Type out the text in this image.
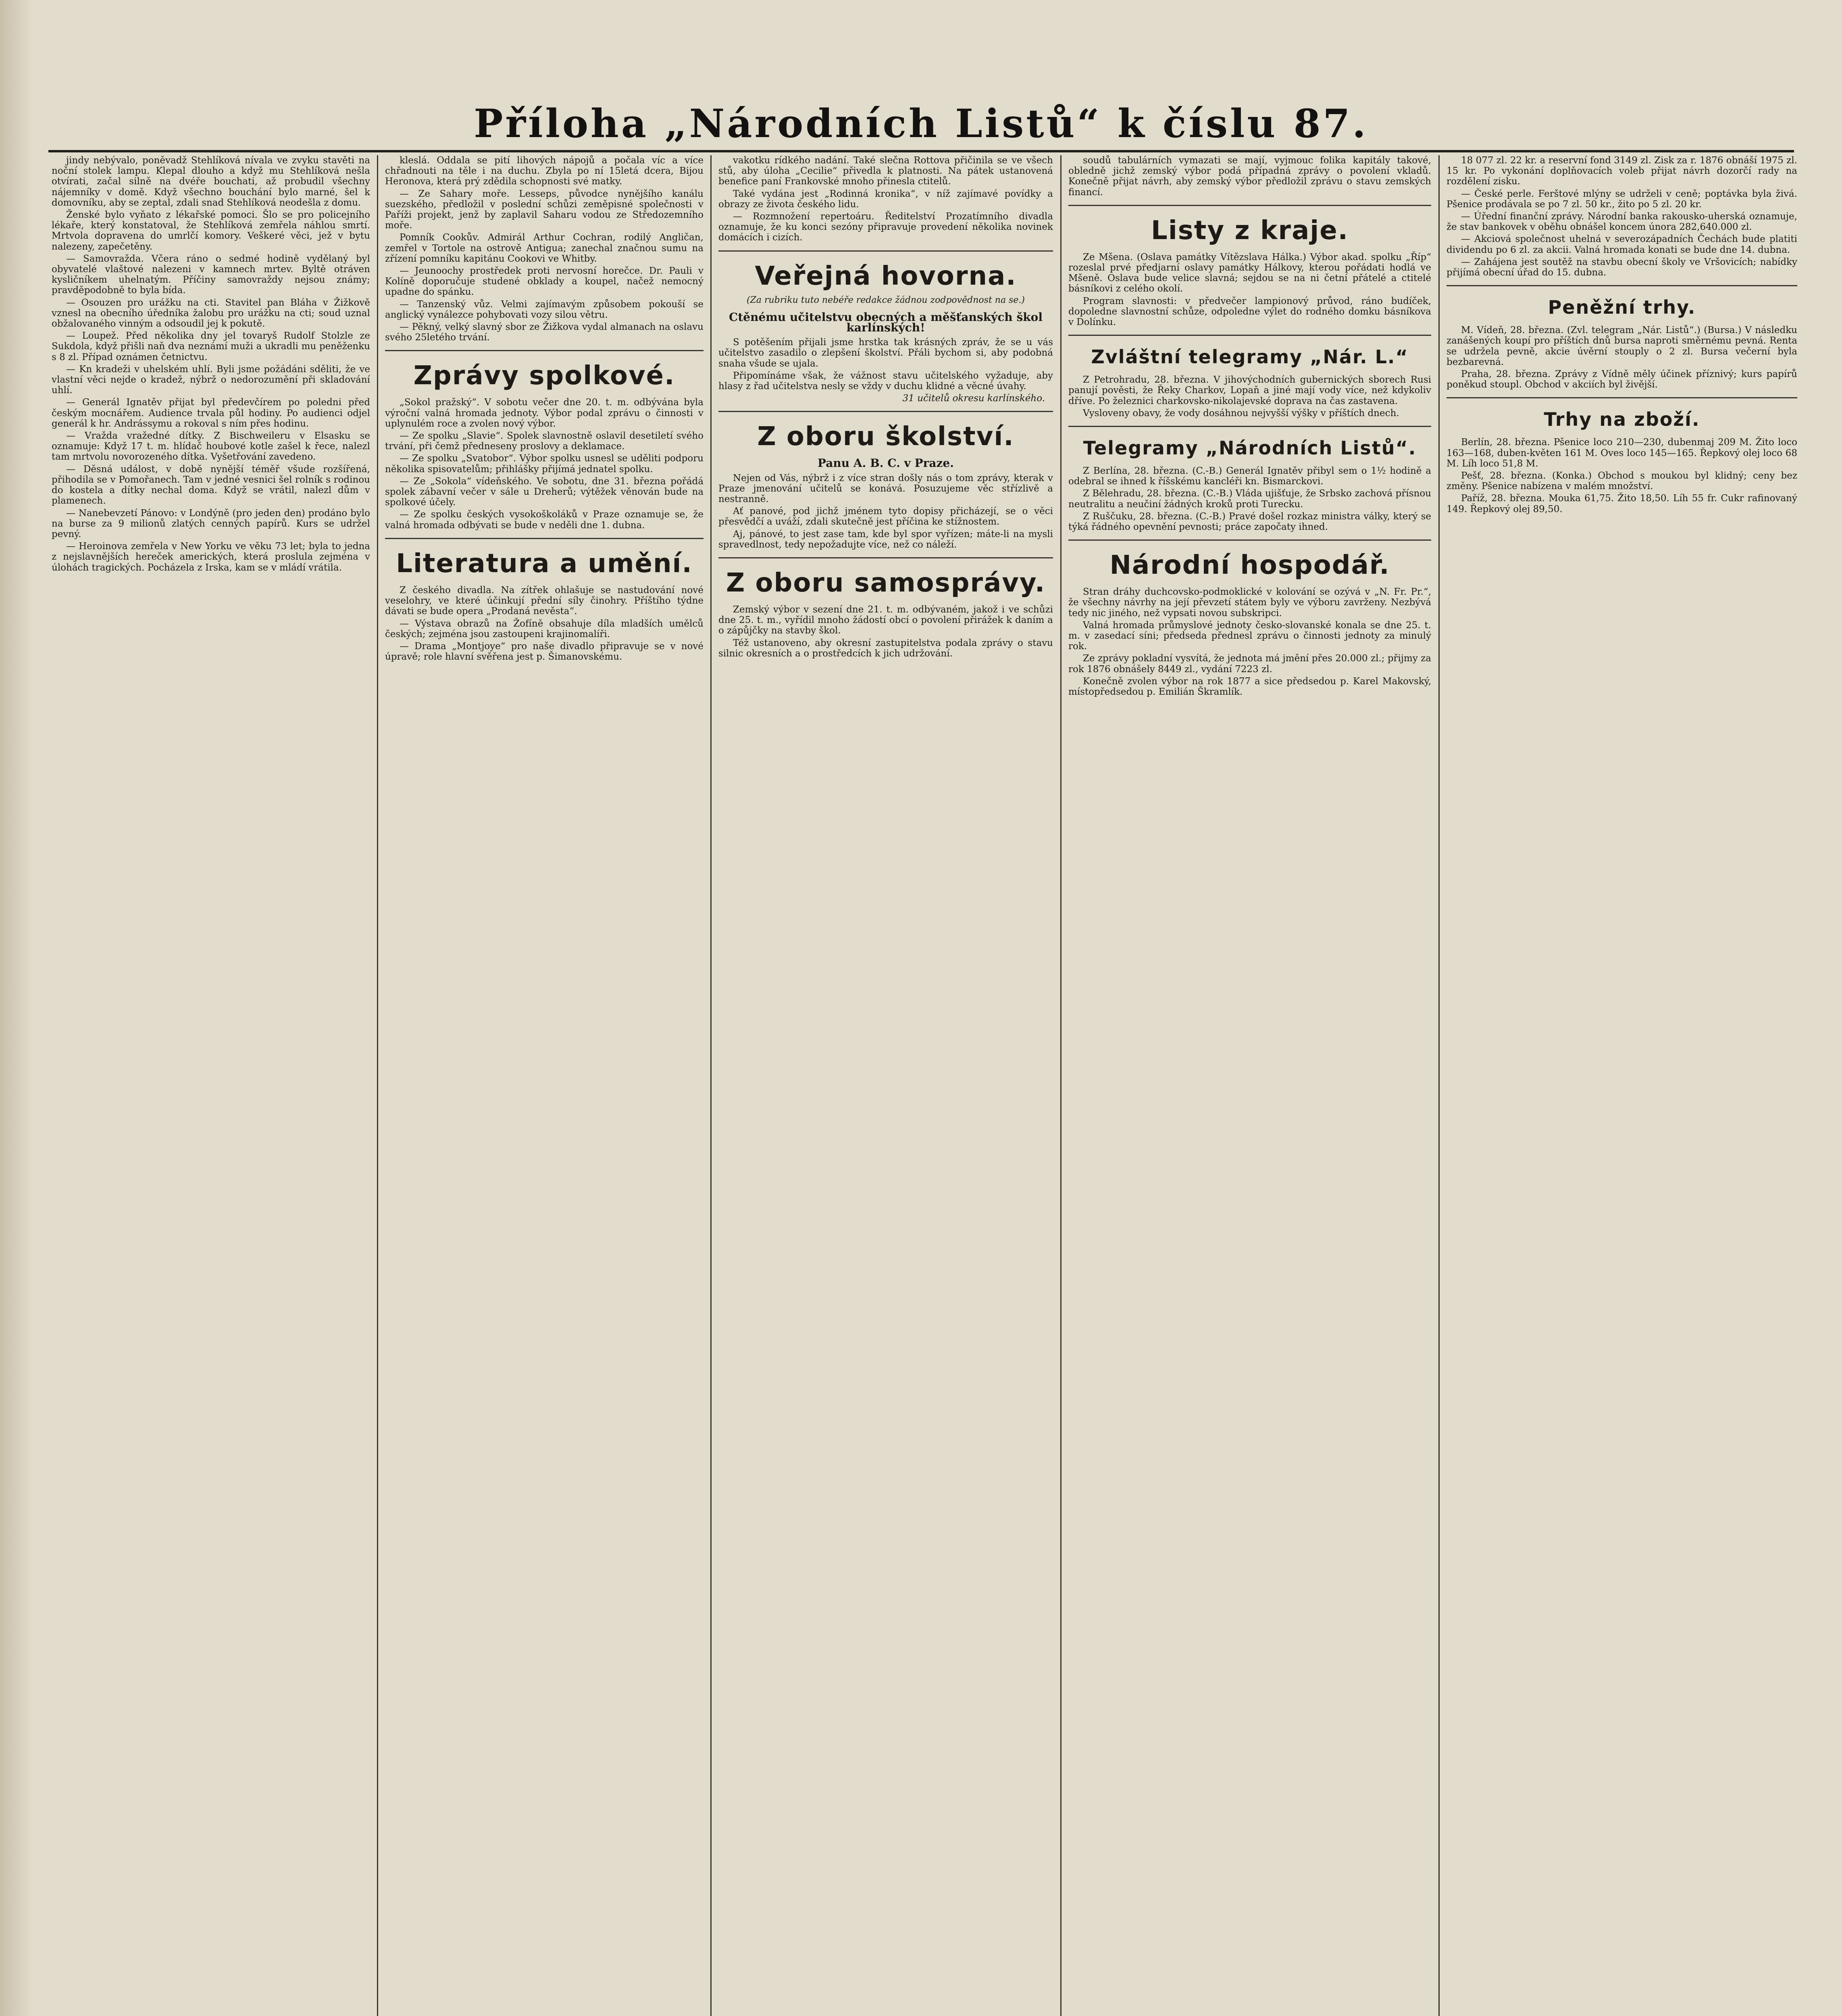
Příloha „Národních Listů“ k číslu 87.

jindy nebývalo, poněvadž Stehlíková nívala ve zvyku stavěti na noční stolek lampu. Klepal dlouho a když mu Stehlíková nešla otvírati, začal silně na dvéře bouchati, až probudil všechny nájemníky v domě. Když všechno bouchání bylo marné, šel k domovníku, aby se zeptal, zdali snad Stehlíková neodešla z domu.

Ženské bylo vyňato z lékařské pomoci. Šlo se pro policejního lékaře, který konstatoval, že Stehlíková zemřela náhlou smrtí. Mrtvola dopravena do umrlčí komory. Veškeré věci, jež v bytu nalezeny, zapečetěny.

— Samovražda. Včera ráno o sedmé hodině vydělaný byl obyvatelé vlaštové nalezeni v kamnech mrtev. Byltě otráven kysličníkem uhelnatým. Příčiny samovraždy nejsou známy; pravděpodobně to byla bída.

— Osouzen pro urážku na cti. Stavitel pan Bláha v Žižkově vznesl na obecního úředníka žalobu pro urážku na cti; soud uznal obžalovaného vinným a odsoudil jej k pokutě.

— Loupež. Před několika dny jel tovaryš Rudolf Stolzle ze Sukdola, když přišli naň dva neznámí muži a ukradli mu peněženku s 8 zl. Případ oznámen četnictvu.

— Kn kradeži v uhelském uhlí. Byli jsme požádáni sděliti, že ve vlastní věci nejde o kradež, nýbrž o nedorozumění při skladování uhlí.

— Generál Ignatěv přijat byl předevčírem po poledni před českým mocnářem. Audience trvala půl hodiny. Po audienci odjel generál k hr. Andrássymu a rokoval s ním přes hodinu.

— Vražda vražedné dítky. Z Bischweileru v Elsasku se oznamuje: Když 17 t. m. hlídač houbové kotle zašel k řece, nalezl tam mrtvolu novorozeného dítka. Vyšetřování zavedeno.

— Děsná událost, v době nynější téměř všude rozšířená, přihodila se v Pomořanech. Tam v jedné vesnici šel rolník s rodinou do kostela a dítky nechal doma. Když se vrátil, nalezl dům v plamenech.

— Nanebevzetí Pánovo: v Londýně (pro jeden den) prodáno bylo na burse za 9 milionů zlatých cenných papírů. Kurs se udržel pevný.

— Heroinova zemřela v New Yorku ve věku 73 let; byla to jedna z nejslavnějších hereček amerických, která proslula zejména v úlohách tragických. Pocházela z Irska, kam se v mládí vrátila.

kleslá. Oddala se pití lihových nápojů a počala víc a více chřadnouti na těle i na duchu. Zbyla po ní 15letá dcera, Bijou Heronova, která prý zdědila schopnosti své matky.

— Ze Sahary moře. Lesseps, původce nynějšího kanálu suezského, předložil v poslední schůzi zeměpisné společnosti v Paříži projekt, jenž by zaplavil Saharu vodou ze Středozemního moře.

Pomník Cookův. Admirál Arthur Cochran, rodilý Angličan, zemřel v Tortole na ostrově Antigua; zanechal značnou sumu na zřízení pomníku kapitánu Cookovi ve Whitby.

— Jeunoochy prostředek proti nervosní horečce. Dr. Pauli v Kolíně doporučuje studené obklady a koupel, načež nemocný upadne do spánku.

— Tanzenský vůz. Velmi zajímavým způsobem pokouší se anglický vynálezce pohybovati vozy silou větru.

— Pěkný, velký slavný sbor ze Žižkova vydal almanach na oslavu svého 25letého trvání.

Zprávy spolkové.

„Sokol pražský“. V sobotu večer dne 20. t. m. odbývána byla výroční valná hromada jednoty. Výbor podal zprávu o činnosti v uplynulém roce a zvolen nový výbor.

— Ze spolku „Slavie“. Spolek slavnostně oslavil desetiletí svého trvání, při čemž předneseny proslovy a deklamace.

— Ze spolku „Svatobor“. Výbor spolku usnesl se uděliti podporu několika spisovatelům; přihlášky přijímá jednatel spolku.

— Ze „Sokola“ vídeňského. Ve sobotu, dne 31. března pořádá spolek zábavní večer v sále u Dreherů; výtěžek věnován bude na spolkové účely.

— Ze spolku českých vysokoškoláků v Praze oznamuje se, že valná hromada odbývati se bude v neděli dne 1. dubna.

Literatura a umění.

Z českého divadla. Na zítřek ohlašuje se nastudování nové veselohry, ve které účinkují přední síly činohry. Příštího týdne dávati se bude opera „Prodaná nevěsta“.

— Výstava obrazů na Žofíně obsahuje díla mladších umělců českých; zejména jsou zastoupeni krajinomalíři.

— Drama „Montjoye“ pro naše divadlo připravuje se v nové úpravě; role hlavní svěřena jest p. Šimanovskému.

vakotku rídkého nadání. Také slečna Rottova přičinila se ve všech stů, aby úloha „Cecilie“ přivedla k platnosti. Na pátek ustanovená benefice paní Frankovské mnoho přinesla ctitelů.

Také vydána jest „Rodinná kronika“, v níž zajímavé povídky a obrazy ze života českého lidu.

— Rozmnožení repertoáru. Ředitelství Prozatímního divadla oznamuje, že ku konci sezóny připravuje provedení několika novinek domácích i cizích.

Veřejná hovorna.
(Za rubriku tuto nebéře redakce žádnou zodpovědnost na se.)
Ctěnému učitelstvu obecných a měšťanských škol karlínských!

S potěšením přijali jsme hrstka tak krásných zpráv, že se u vás učitelstvo zasadilo o zlepšení školství. Přáli bychom si, aby podobná snaha všude se ujala.

Připomínáme však, že vážnost stavu učitelského vyžaduje, aby hlasy z řad učitelstva nesly se vždy v duchu klidné a věcné úvahy.

31 učitelů okresu karlínského.
Z oboru školství.
Panu A. B. C. v Praze.

Nejen od Vás, nýbrž i z více stran došly nás o tom zprávy, kterak v Praze jmenování učitelů se konává. Posuzujeme věc střízlivě a nestranně.

Ať panové, pod jichž jménem tyto dopisy přicházejí, se o věci přesvědčí a uváží, zdali skutečně jest příčina ke stížnostem.

Aj, pánové, to jest zase tam, kde byl spor vyřízen; máte-li na mysli spravedlnost, tedy nepožadujte více, než co náleží.

Z oboru samosprávy.

Zemský výbor v sezení dne 21. t. m. odbývaném, jakož i ve schůzi dne 25. t. m., vyřídil mnoho žádostí obcí o povolení přirážek k daním a o zápůjčky na stavby škol.

Též ustanoveno, aby okresní zastupitelstva podala zprávy o stavu silnic okresních a o prostředcích k jich udržování.

soudů tabulárních vymazati se mají, vyjmouc folika kapitály takové, obledně jichž zemský výbor podá případná zprávy o povolení vkladů. Konečně přijat návrh, aby zemský výbor předložil zprávu o stavu zemských financí.

Listy z kraje.

Ze Mšena. (Oslava památky Vítězslava Hálka.) Výbor akad. spolku „Říp“ rozeslal prvé předjarní oslavy památky Hálkovy, kterou pořádati hodlá ve Mšeně. Oslava bude velice slavná; sejdou se na ni četní přátelé a ctitelé básníkovi z celého okolí.

Program slavnosti: v předvečer lampionový průvod, ráno budíček, dopoledne slavnostní schůze, odpoledne výlet do rodného domku básníkova v Dolínku.

Zvláštní telegramy „Nár. L.“

Z Petrohradu, 28. března. V jihovýchodních gubernických sborech Rusi panují pověsti, že Řeky Charkov, Lopaň a jiné mají vody více, než kdykoliv dříve. Po železnici charkovsko-nikolajevské doprava na čas zastavena.

Vysloveny obavy, že vody dosáhnou nejvyšší výšky v příštích dnech.

Telegramy „Národních Listů“.

Z Berlína, 28. března. (C.-B.) Generál Ignatěv přibyl sem o 1½ hodině a odebral se ihned k říšskému kancléři kn. Bismarckovi.

Z Bělehradu, 28. března. (C.-B.) Vláda ujišťuje, že Srbsko zachová přísnou neutralitu a neučiní žádných kroků proti Turecku.

Z Ruščuku, 28. března. (C.-B.) Pravé došel rozkaz ministra války, který se týká řádného opevnění pevnosti; práce započaty ihned.

Národní hospodář.

Stran dráhy duchcovsko-podmoklické v kolování se ozývá v „N. Fr. Pr.“, že všechny návrhy na její převzetí státem byly ve výboru zavrženy. Nezbývá tedy nic jiného, než vypsati novou subskripci.

Valná hromada průmyslové jednoty česko-slovanské konala se dne 25. t. m. v zasedací síni; předseda přednesl zprávu o činnosti jednoty za minulý rok.

Ze zprávy pokladní vysvítá, že jednota má jmění přes 20.000 zl.; přijmy za rok 1876 obnášely 8449 zl., vydání 7223 zl.

Konečně zvolen výbor na rok 1877 a sice předsedou p. Karel Makovský, místopředsedou p. Emilián Škramlík.

18 077 zl. 22 kr. a reservní fond 3149 zl. Zisk za r. 1876 obnáší 1975 zl. 15 kr. Po vykonání doplňovacích voleb přijat návrh dozorčí rady na rozdělení zisku.

— České perle. Ferštové mlýny se udrželi v ceně; poptávka byla živá. Pšenice prodávala se po 7 zl. 50 kr., žito po 5 zl. 20 kr.

— Úřední finanční zprávy. Národní banka rakousko-uherská oznamuje, že stav bankovek v oběhu obnášel koncem února 282,640.000 zl.

— Akciová společnost uhelná v severozápadních Čechách bude platiti dividendu po 6 zl. za akcii. Valná hromada konati se bude dne 14. dubna.

— Zahájena jest soutěž na stavbu obecní školy ve Vršovicích; nabídky přijímá obecní úřad do 15. dubna.

Peněžní trhy.

M. Vídeň, 28. března. (Zvl. telegram „Nár. Listů“.) (Bursa.) V následku zanášených koupí pro příštích dnů bursa naproti směrnému pevná. Renta se udržela pevně, akcie úvěrní stouply o 2 zl. Bursa večerní byla bezbarevná.

Praha, 28. března. Zprávy z Vídně měly účinek příznivý; kurs papírů poněkud stoupl. Obchod v akciích byl živější.

Trhy na zboží.

Berlín, 28. března. Pšenice loco 210—230, dubenmaj 209 M. Žito loco 163—168, duben-květen 161 M. Oves loco 145—165. Řepkový olej loco 68 M. Líh loco 51,8 M.

Pešť, 28. března. (Konka.) Obchod s moukou byl klidný; ceny bez změny. Pšenice nabízena v malém množství.

Paříž, 28. března. Mouka 61,75. Žito 18,50. Líh 55 fr. Cukr rafinovaný 149. Řepkový olej 89,50.
